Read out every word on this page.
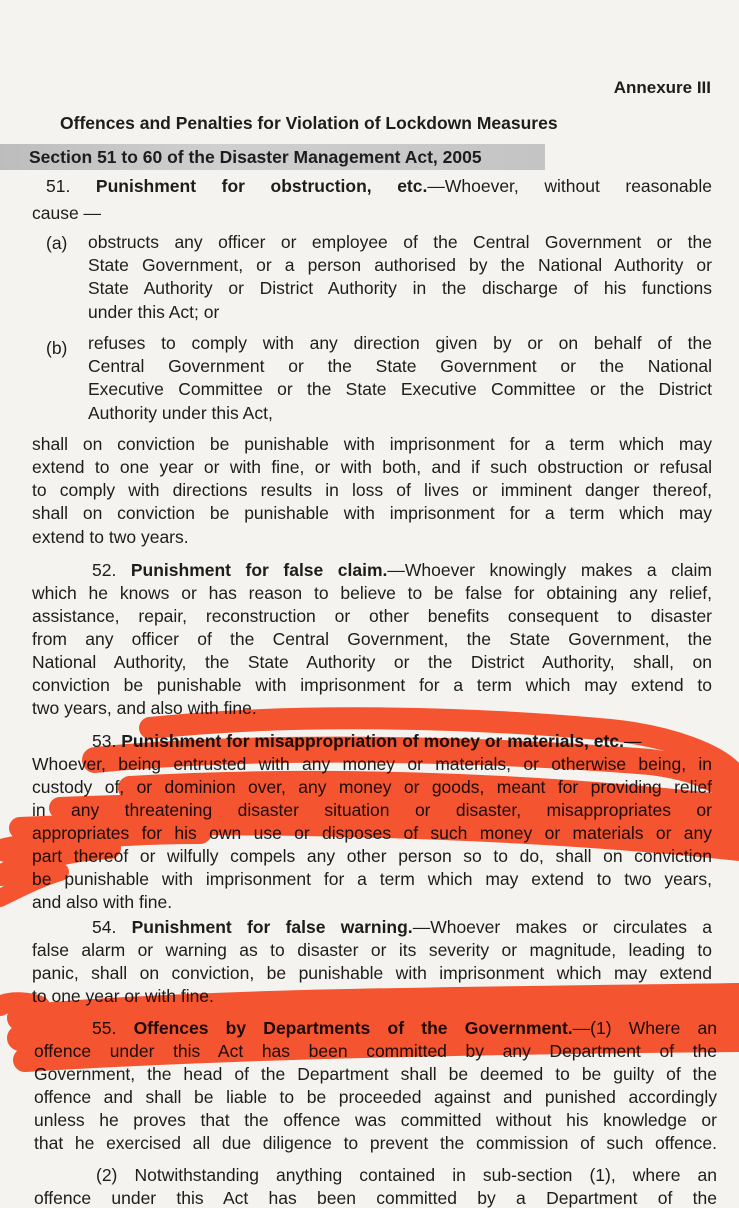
Annexure III
Offences and Penalties for Violation of Lockdown Measures
Section 51 to 60 of the Disaster Management Act, 2005

51. Punishment for obstruction, etc.—Whoever, without reasonable

cause —

(a) obstructs any officer or employee of the Central Government or the

State Government, or a person authorised by the National Authority or

State Authority or District Authority in the discharge of his functions

under this Act; or

(b) refuses to comply with any direction given by or on behalf of the

Central Government or the State Government or the National

Executive Committee or the State Executive Committee or the District

Authority under this Act,

shall on conviction be punishable with imprisonment for a term which may

extend to one year or with fine, or with both, and if such obstruction or refusal

to comply with directions results in loss of lives or imminent danger thereof,

shall on conviction be punishable with imprisonment for a term which may

extend to two years.

52. Punishment for false claim.—Whoever knowingly makes a claim

which he knows or has reason to believe to be false for obtaining any relief,

assistance, repair, reconstruction or other benefits consequent to disaster

from any officer of the Central Government, the State Government, the

National Authority, the State Authority or the District Authority, shall, on

conviction be punishable with imprisonment for a term which may extend to

two years, and also with fine.

53. Punishment for misappropriation of money or materials, etc.—

Whoever, being entrusted with any money or materials, or otherwise being, in

custody of, or dominion over, any money or goods, meant for providing relief

in any threatening disaster situation or disaster, misappropriates or

appropriates for his own use or disposes of such money or materials or any

part thereof or wilfully compels any other person so to do, shall on conviction

be punishable with imprisonment for a term which may extend to two years,

and also with fine.

54. Punishment for false warning.—Whoever makes or circulates a

false alarm or warning as to disaster or its severity or magnitude, leading to

panic, shall on conviction, be punishable with imprisonment which may extend

to one year or with fine.

55. Offences by Departments of the Government.—(1) Where an

offence under this Act has been committed by any Department of the

Government, the head of the Department shall be deemed to be guilty of the

offence and shall be liable to be proceeded against and punished accordingly

unless he proves that the offence was committed without his knowledge or

that he exercised all due diligence to prevent the commission of such offence.

(2) Notwithstanding anything contained in sub-section (1), where an

offence under this Act has been committed by a Department of the
